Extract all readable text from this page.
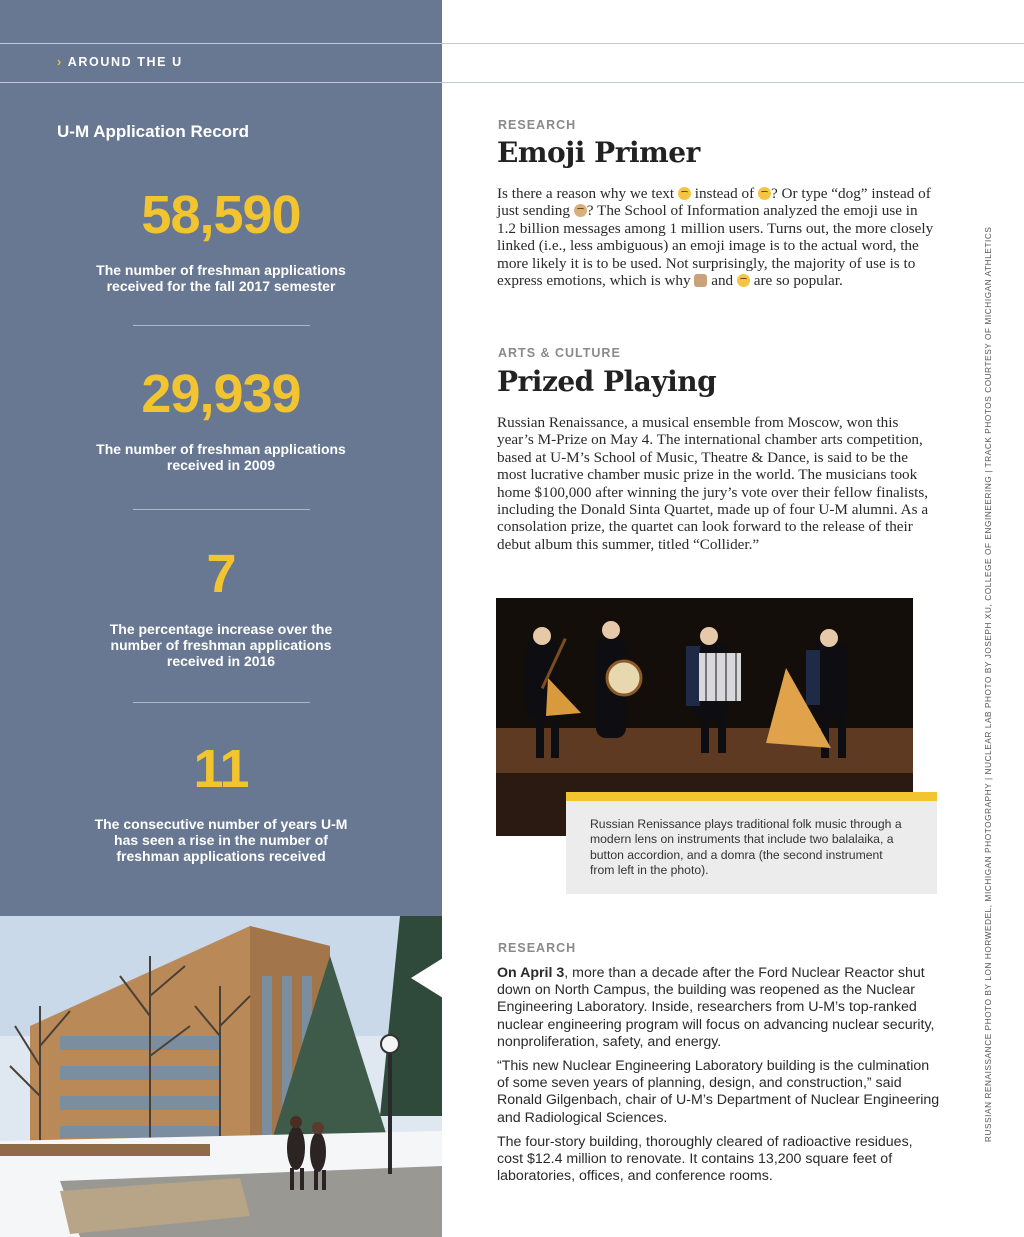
› AROUND THE U
U-M Application Record
58,590
The number of freshman applications received for the fall 2017 semester
29,939
The number of freshman applications received in 2009
7
The percentage increase over the number of freshman applications received in 2016
11
The consecutive number of years U-M has seen a rise in the number of freshman applications received
RESEARCH
Emoji Primer
Is there a reason why we text  instead of ? Or type “dog” instead of just sending ? The School of Information analyzed the emoji use in 1.2 billion messages among 1 million users. Turns out, the more closely linked (i.e., less ambiguous) an emoji image is to the actual word, the more likely it is to be used. Not surprisingly, the majority of use is to express emotions, which is why  and  are so popular.
ARTS & CULTURE
Prized Playing
Russian Renaissance, a musical ensemble from Moscow, won this year’s M-Prize on May 4. The international chamber arts competition, based at U-M’s School of Music, Theatre & Dance, is said to be the most lucrative chamber music prize in the world. The musicians took home $100,000 after winning the jury’s vote over their fellow finalists, including the Donald Sinta Quartet, made up of four U-M alumni. As a consolation prize, the quartet can look forward to the release of their debut album this summer, titled “Collider.”
Russian Renissance plays traditional folk music through a modern lens on instruments that include two balalaika, a button accordion, and a domra (the second instrument from left in the photo).
RESEARCH

On April 3, more than a decade after the Ford Nuclear Reactor shut down on North Campus, the building was reopened as the Nuclear Engineering Laboratory. Inside, researchers from U-M’s top-ranked nuclear engineering program will focus on advancing nuclear security, nonproliferation, safety, and energy.

“This new Nuclear Engineering Laboratory building is the culmination of some seven years of planning, design, and construction,” said Ronald Gilgenbach, chair of U-M’s Department of Nuclear Engineering and Radiological Sciences.

The four-story building, thoroughly cleared of radioactive residues, cost $12.4 million to renovate. It contains 13,200 square feet of laboratories, offices, and conference rooms.

RUSSIAN RENAISSANCE PHOTO BY LON HORWEDEL, MICHIGAN PHOTOGRAPHY | NUCLEAR LAB PHOTO BY JOSEPH XU, COLLEGE OF ENGINEERING | TRACK PHOTOS COURTESY OF MICHIGAN ATHLETICS
